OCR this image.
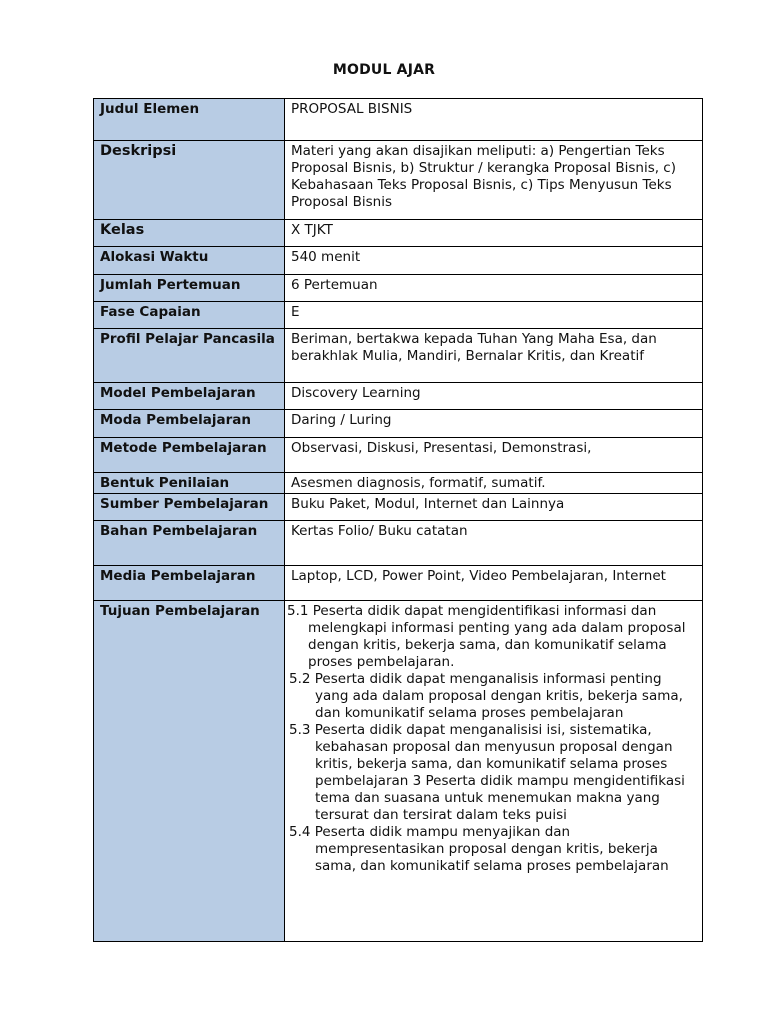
MODUL AJAR
Judul Elemen	PROPOSAL BISNIS
Deskripsi	Materi yang akan disajikan meliputi: a) Pengertian Teks Proposal Bisnis, b) Struktur / kerangka Proposal Bisnis, c) Kebahasaan Teks Proposal Bisnis, c) Tips Menyusun Teks Proposal Bisnis
Kelas	X TJKT
Alokasi Waktu	540 menit
Jumlah Pertemuan	6 Pertemuan
Fase Capaian	E
Profil Pelajar Pancasila	Beriman, bertakwa kepada Tuhan Yang Maha Esa, dan berakhlak Mulia, Mandiri, Bernalar Kritis, dan Kreatif
Model Pembelajaran	Discovery Learning
Moda Pembelajaran	Daring / Luring
Metode Pembelajaran	Observasi, Diskusi, Presentasi, Demonstrasi,
Bentuk Penilaian	Asesmen diagnosis, formatif, sumatif.
Sumber Pembelajaran	Buku Paket, Modul, Internet dan Lainnya
Bahan Pembelajaran	Kertas Folio/ Buku catatan
Media Pembelajaran	Laptop, LCD, Power Point, Video Pembelajaran, Internet
Tujuan Pembelajaran	5.1 Peserta didik dapat mengidentifikasi informasi dan melengkapi informasi penting yang ada dalam proposal dengan kritis, bekerja sama, dan komunikatif selama proses pembelajaran.

5.2 Peserta didik dapat menganalisis informasi penting yang ada dalam proposal dengan kritis, bekerja sama, dan komunikatif selama proses pembelajaran

5.3 Peserta didik dapat menganalisisi isi, sistematika, kebahasan proposal dan menyusun proposal dengan kritis, bekerja sama, dan komunikatif selama proses pembelajaran 3 Peserta didik mampu mengidentifikasi tema dan suasana untuk menemukan makna yang tersurat dan tersirat dalam teks puisi

5.4 Peserta didik mampu menyajikan dan mempresentasikan proposal dengan kritis, bekerja sama, dan komunikatif selama proses pembelajaran
